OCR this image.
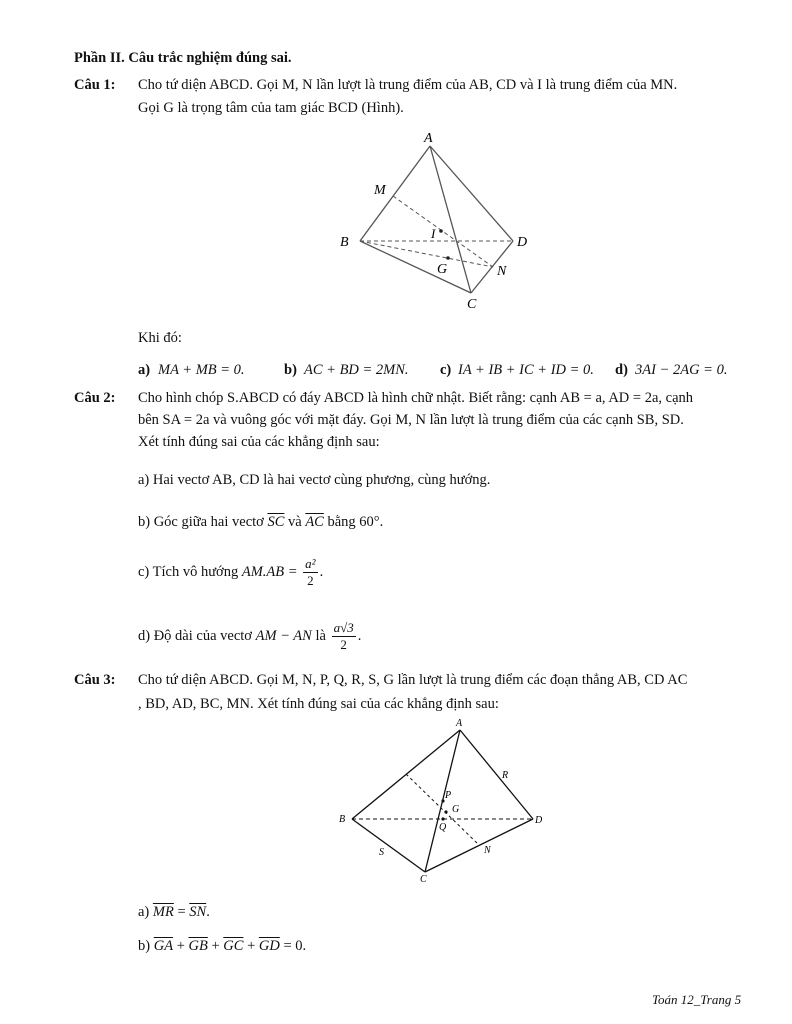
Phần II. Câu trắc nghiệm đúng sai.
Câu 1: Cho tứ diện ABCD. Gọi M, N lần lượt là trung điểm của AB, CD và I là trung điểm của MN.
Gọi G là trọng tâm của tam giác BCD (Hình).
A
M
B
I
D
G	N
C
Khi đó:
a) MA + MB = 0.	b) AC + BD = 2MN. c) IA + IB + IC + ID = 0. d) 3AI − 2AG = 0.
Câu 2: Cho hình chóp S.ABCD có đáy ABCD là hình chữ nhật. Biết rằng: cạnh AB = a, AD = 2a, cạnh
bên SA = 2a và vuông góc với mặt đáy. Gọi M, N lần lượt là trung điểm của các cạnh SB, SD.
Xét tính đúng sai của các khẳng định sau:
a) Hai vectơ AB, CD là hai vectơ cùng phương, cùng hướng.
b) Góc giữa hai vectơ $\overline{SC}$ và $\overline{AC}$ bằng 60°.
c) Tích vô hướng $AM.AB = \frac{\text{a²}}{2}$ .
d) Độ dài của vectơ AM − AN là $\frac{a√3}{2}$ .
Câu 3: Cho tứ diện ABCD. Gọi M, N, P, Q, R, S, G lần lượt là trung điểm các đoạn thẳng AB, CD AC
, BD, AD, BC, MN. Xét tính đúng sai của các khẳng định sau:
A
R
P
G
B
Q
D
S	N
C
a) $\overline{MR} = \overline{SN}$.
b) $\overline{GA} + \overline{GB} + \overline{GC} + \overline{GD} = 0$.
Toán 12_Trang 5
